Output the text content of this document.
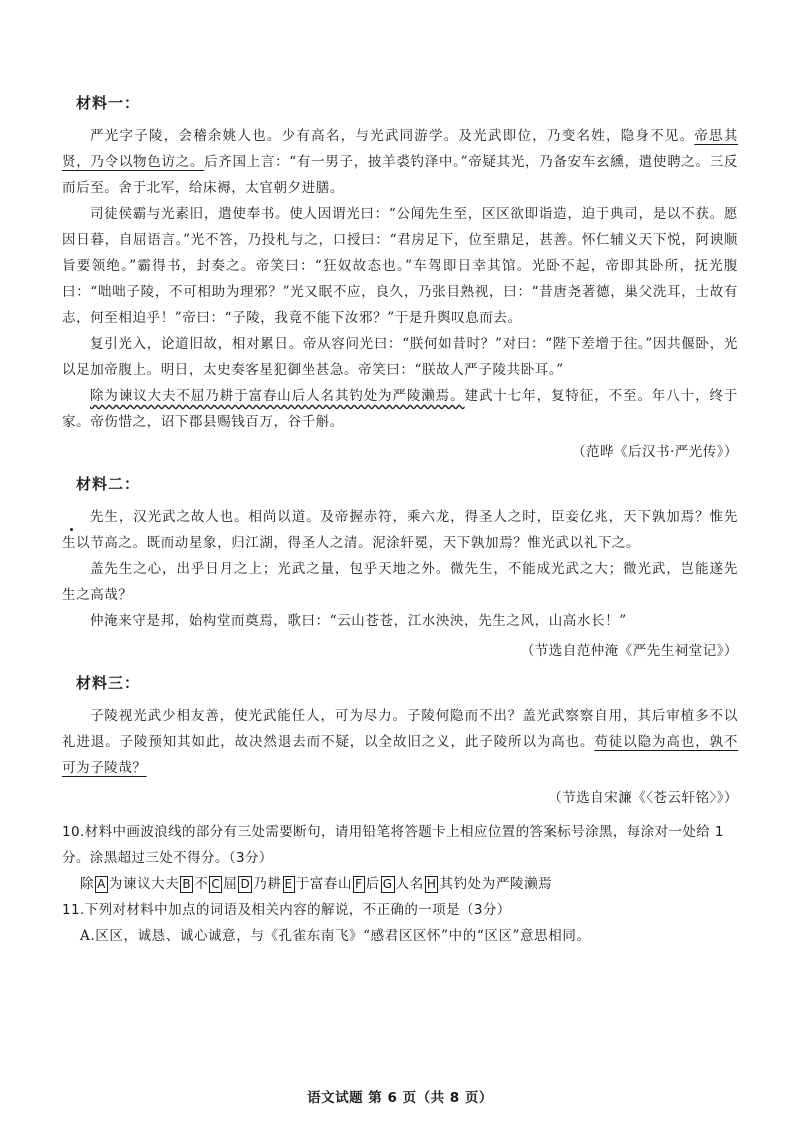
材料一：

严光字子陵，会稽余姚人也。少有高名，与光武同游学。及光武即位，乃变名姓，隐身不见。帝思其贤，乃令以物色访之。后齐国上言：“有一男子，披羊裘钓泽中。”帝疑其光，乃备安车玄纁，遣使聘之。三反而后至。舍于北军，给床褥，太官朝夕进膳。

司徒侯霸与光素旧，遣使奉书。使人因谓光曰：“公闻先生至，区区欲即诣造，迫于典司，是以不获。愿因日暮，自屈语言。”光不答，乃投札与之，口授曰：“君房足下，位至鼎足，甚善。怀仁辅义天下悦，阿谀顺旨要领绝。”霸得书，封奏之。帝笑曰：“狂奴故态也。”车驾即日幸其馆。光卧不起，帝即其卧所，抚光腹曰：“咄咄子陵，不可相助为理邪？”光又眠不应，良久，乃张目熟视，曰：“昔唐尧著德，巢父洗耳，士故有志，何至相迫乎！”帝曰：“子陵，我竟不能下汝邪？”于是升舆叹息而去。

复引光入，论道旧故，相对累日。帝从容问光曰：“朕何如昔时？”对曰：“陛下差增于往。”因共偃卧，光以足加帝腹上。明日，太史奏客星犯御坐甚急。帝笑曰：“朕故人严子陵共卧耳。”

除为谏议大夫不屈乃耕于富春山后人名其钓处为严陵濑焉。建武十七年，复特征，不至。年八十，终于家。帝伤惜之，诏下郡县赐钱百万，谷千斛。

（范晔《后汉书·严光传》）
材料二：

先生，汉光武之故人也。相尚以道。及帝握赤符，乘六龙，得圣人之时，臣妾亿兆，天下孰加焉？惟先生以节高之。既而动星象，归江湖，得圣人之清。泥涂轩冕，天下孰加焉？惟光武以礼下之。

盖先生之心，出乎日月之上；光武之量，包乎天地之外。微先生，不能成光武之大；微光武，岂能遂先生之高哉？

仲淹来守是邦，始构堂而奠焉，歌曰：“云山苍苍，江水泱泱，先生之风，山高水长！”

（节选自范仲淹《严先生祠堂记》）
材料三：

子陵视光武少相友善，使光武能任人，可为尽力。子陵何隐而不出？盖光武察察自用，其后审植多不以礼进退。子陵预知其如此，故决然退去而不疑，以全故旧之义，此子陵所以为高也。苟徒以隐为高也，孰不可为子陵哉？

（节选自宋濂《〈苍云轩铭〉》）

10.材料中画波浪线的部分有三处需要断句，请用铅笔将答题卡上相应位置的答案标号涂黑，每涂对一处给 1 分。涂黑超过三处不得分。（3分）

除 A 为谏议大夫 B 不 C 屈 D 乃耕 E 于富春山 F 后 G 人名 H 其钓处为严陵濑焉

11.下列对材料中加点的词语及相关内容的解说，不正确的一项是（3分）

A.区区，诚恳、诚心诚意，与《孔雀东南飞》“感君区区怀”中的“区区”意思相同。

语文试题 第 6 页（共 8 页）
